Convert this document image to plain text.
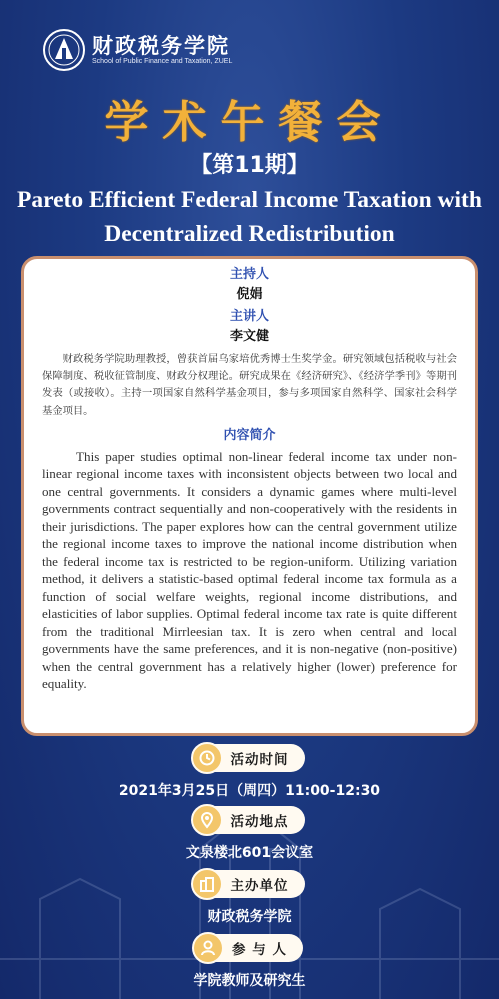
财政税务学院
School of Public Finance and Taxation, ZUEL
学术午餐会
【第11期】
Pareto Efficient Federal Income Taxation with
Decentralized Redistribution
主持人
倪娟
主讲人
李文健

财政税务学院助理教授，曾获首届乌家培优秀博士生奖学金。研究领域包括税收与社会保障制度、税收征管制度、财政分权理论。研究成果在《经济研究》、《经济学季刊》等期刊发表（或接收）。主持一项国家自然科学基金项目，参与多项国家自然科学、国家社会科学基金项目。

内容简介

This paper studies optimal non-linear federal income tax under non-linear regional income taxes with inconsistent objects between two local and one central governments. It considers a dynamic games where multi-level governments contract sequentially and non-cooperatively with the residents in their jurisdictions. The paper explores how can the central government utilize the regional income taxes to improve the national income distribution when the federal income tax is restricted to be region-uniform. Utilizing variation method, it delivers a statistic-based optimal federal income tax formula as a function of social welfare weights, regional income distributions, and elasticities of labor supplies. Optimal federal income tax rate is quite different from the traditional Mirrleesian tax. It is zero when central and local governments have the same preferences, and it is non-negative (non-positive) when the central government has a relatively higher (lower) preference for equality.

活动时间
2021年3月25日（周四）11:00-12:30
活动地点
文泉楼北601会议室
主办单位
财政税务学院
参 与 人
学院教师及研究生
